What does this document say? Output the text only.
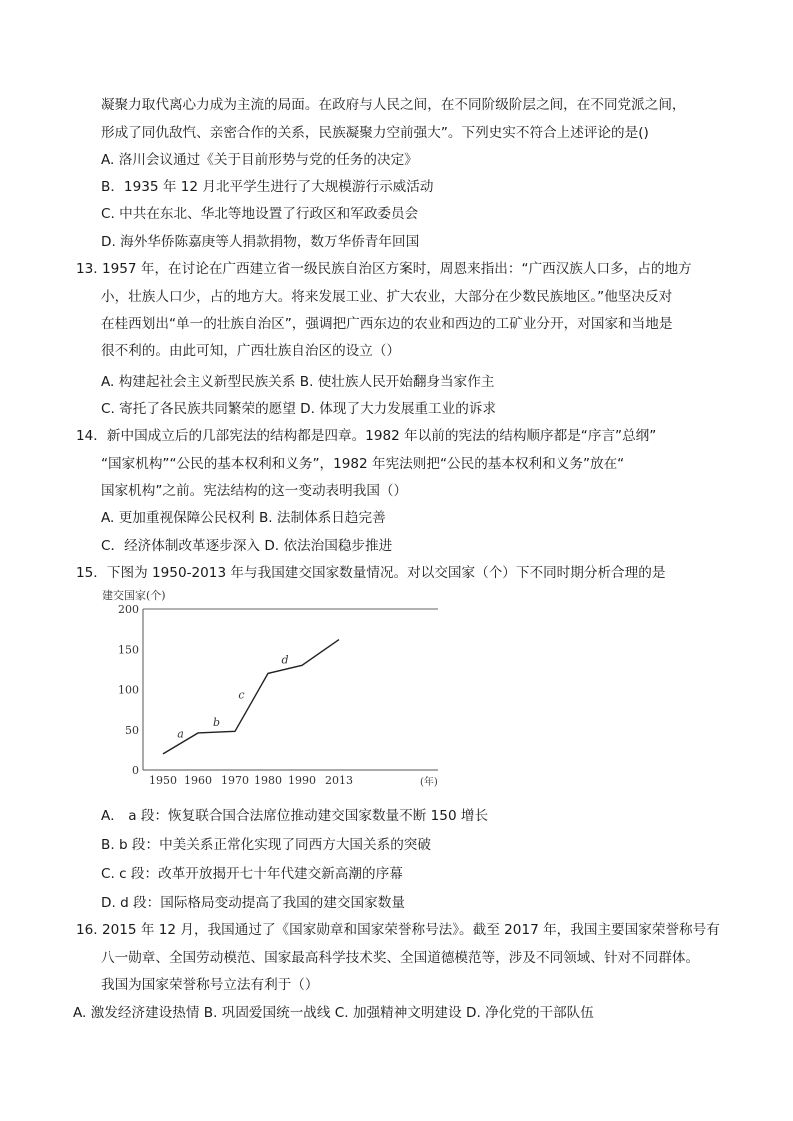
凝聚力取代离心力成为主流的局面。在政府与人民之间，在不同阶级阶层之间，在不同党派之间，
形成了同仇敌忾、亲密合作的关系，民族凝聚力空前强大”。下列史实不符合上述评论的是()
A. 洛川会议通过《关于目前形势与党的任务的决定》
B．1935 年 12 月北平学生进行了大规模游行示威活动
C. 中共在东北、华北等地设置了行政区和军政委员会
D. 海外华侨陈嘉庚等人捐款捐物，数万华侨青年回国
13. 1957 年，在讨论在广西建立省一级民族自治区方案时，周恩来指出：“广西汉族人口多，占的地方
小，壮族人口少，占的地方大。将来发展工业、扩大农业，大部分在少数民族地区。”他坚决反对
在桂西划出“单一的壮族自治区”，强调把广西东边的农业和西边的工矿业分开，对国家和当地是
很不利的。由此可知，广西壮族自治区的设立（）
A. 构建起社会主义新型民族关系 B. 使壮族人民开始翻身当家作主
C. 寄托了各民族共同繁荣的愿望 D. 体现了大力发展重工业的诉求
14．新中国成立后的几部宪法的结构都是四章。1982 年以前的宪法的结构顺序都是“序言”总纲”
“国家机构”“公民的基本权利和义务”，1982 年宪法则把“公民的基本权利和义务”放在“
国家机构”之前。宪法结构的这一变动表明我国（）
A. 更加重视保障公民权利 B. 法制体系日趋完善
C．经济体制改革逐步深入 D. 依法治国稳步推进
15．下图为 1950-2013 年与我国建交国家数量情况。对以交国家（个）下不同时期分析合理的是
建交国家(个)
0
50
100
150
200
1950 1960 1970 1980 1990 2013
a
b
c
d
(年)
A． a 段：恢复联合国合法席位推动建交国家数量不断 150 增长
B. b 段：中美关系正常化实现了同西方大国关系的突破
C. c 段：改革开放揭开七十年代建交新高潮的序幕
D. d 段：国际格局变动提高了我国的建交国家数量
16. 2015 年 12 月，我国通过了《国家勋章和国家荣誉称号法》。截至 2017 年，我国主要国家荣誉称号有
八一勋章、全国劳动模范、国家最高科学技术奖、全国道德模范等，涉及不同领域、针对不同群体。
我国为国家荣誉称号立法有利于（）
A. 激发经济建设热情 B. 巩固爱国统一战线 C. 加强精神文明建设 D. 净化党的干部队伍
